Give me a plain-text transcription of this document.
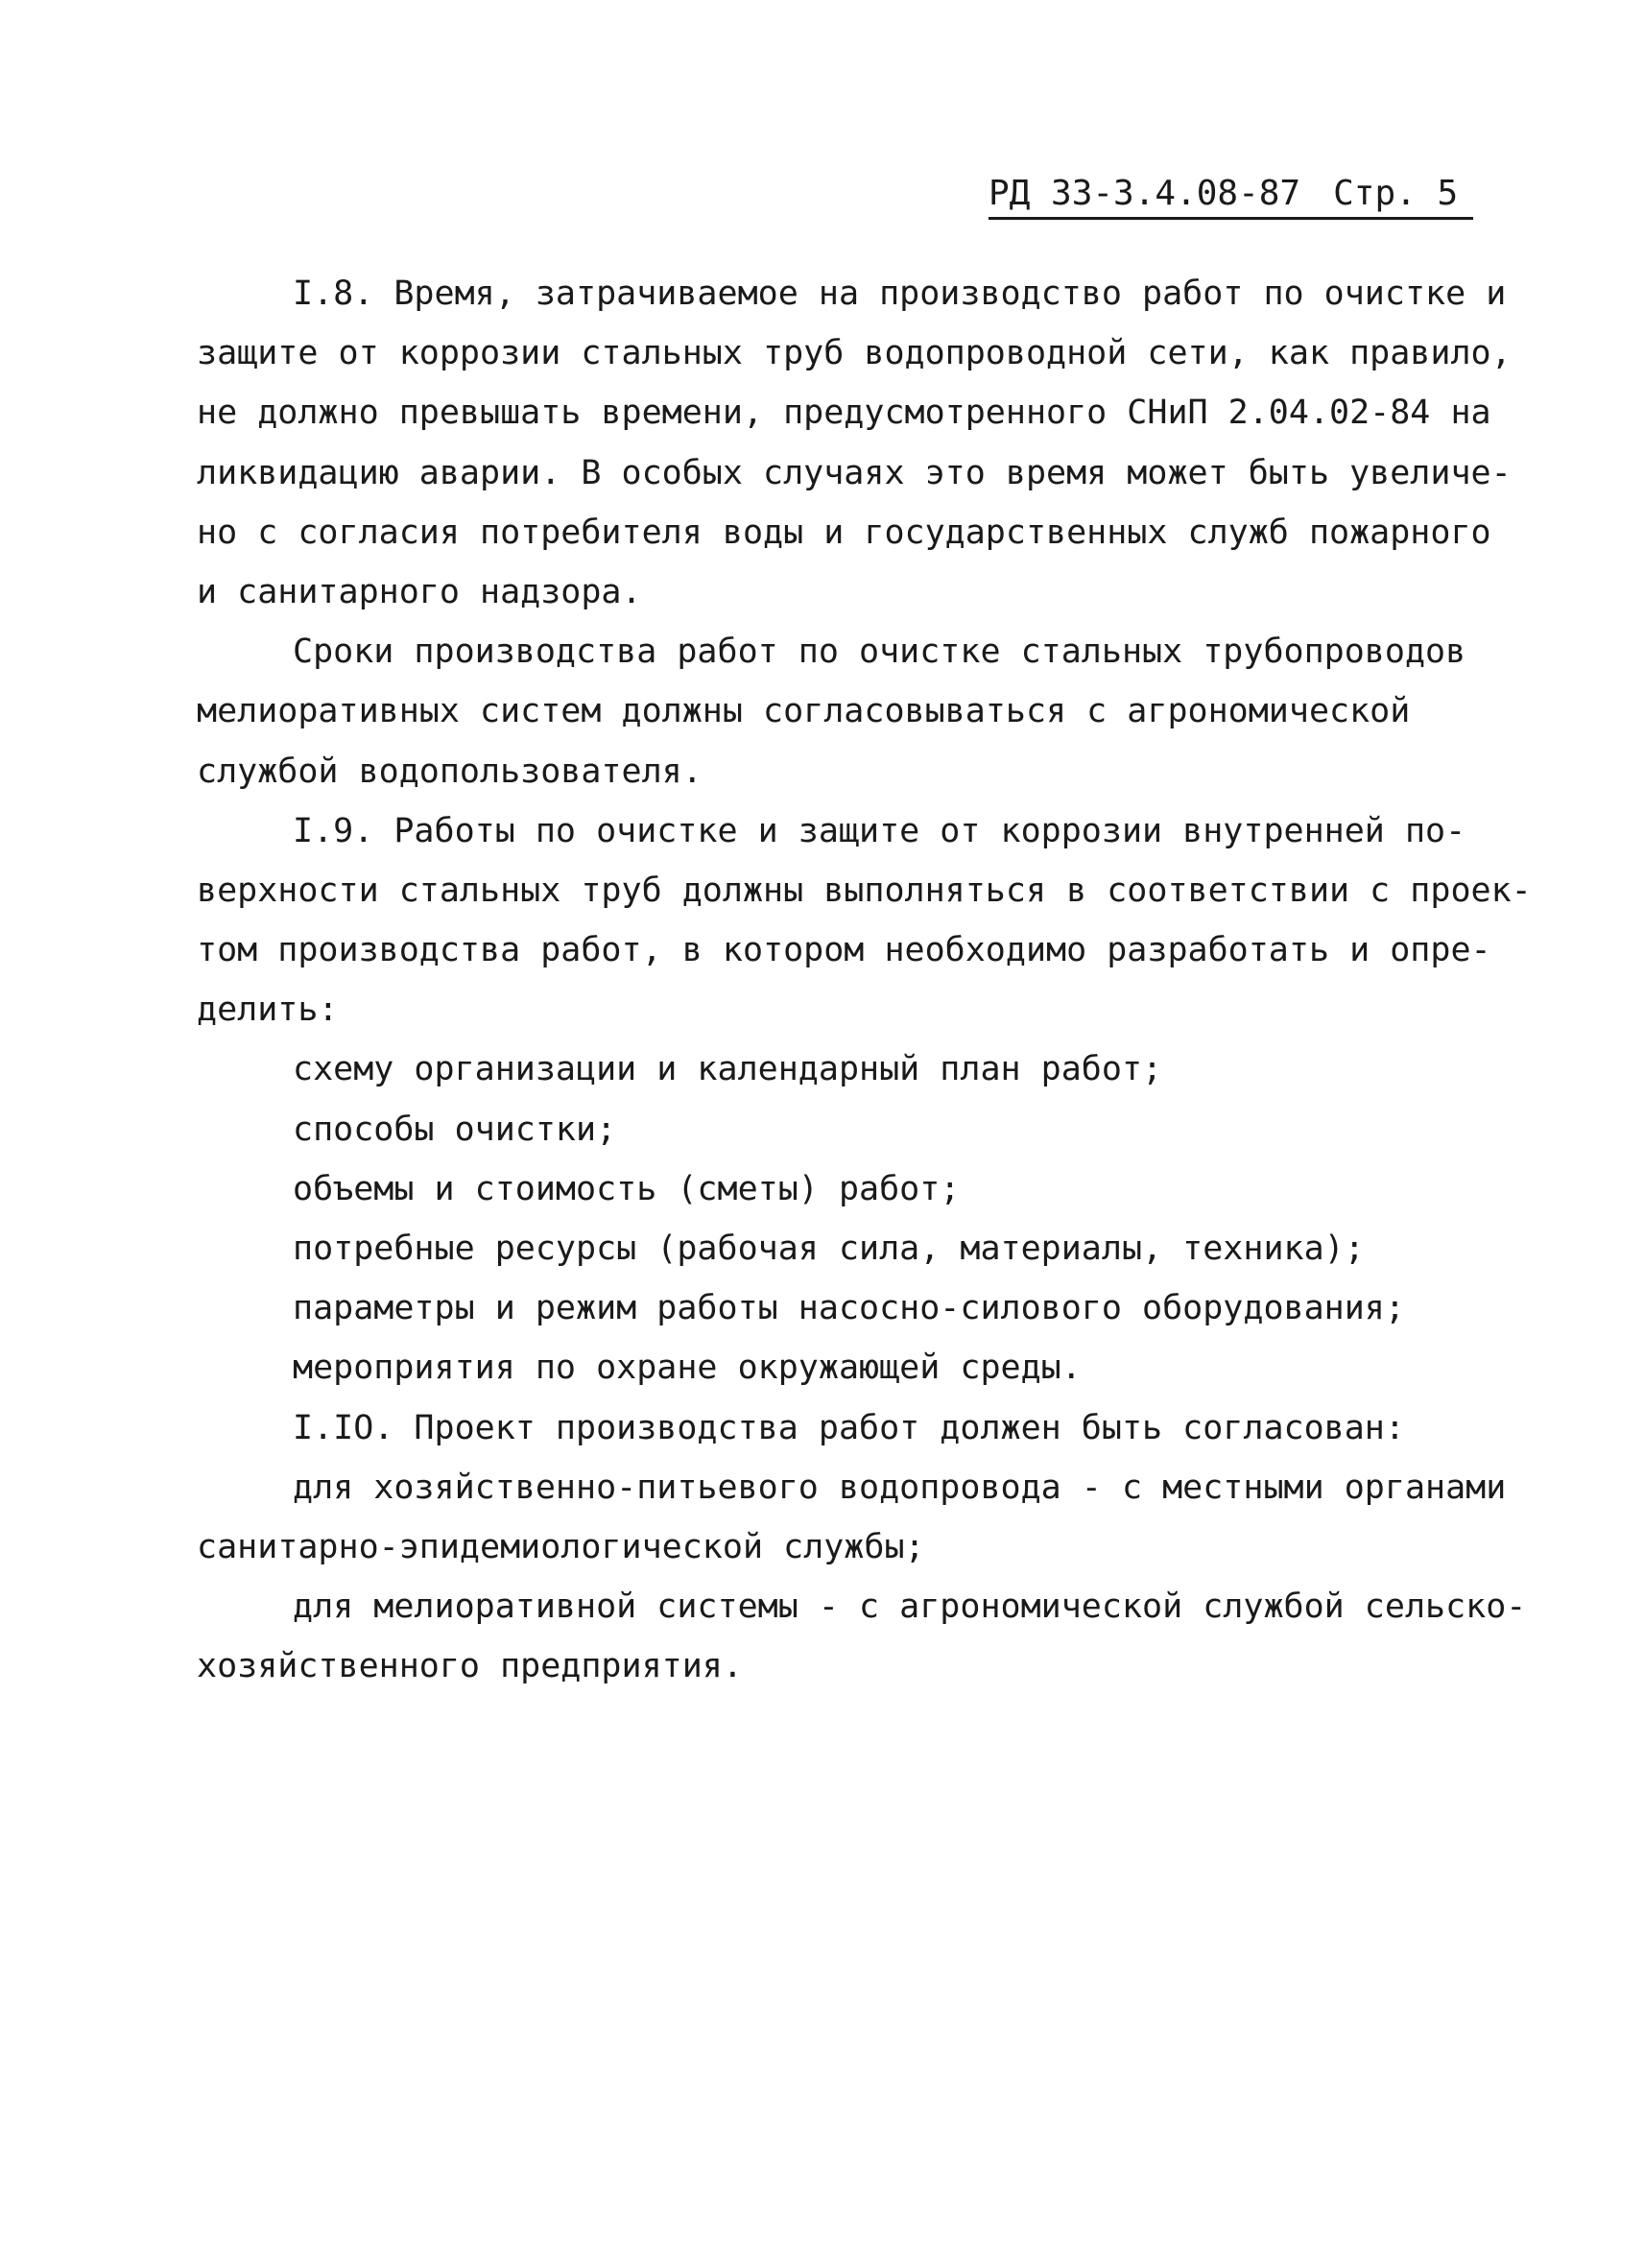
РД 33-3.4.08-87 Стр. 5
I.8. Время, затрачиваемое на производство работ по очистке и
защите от коррозии стальных труб водопроводной сети, как правило,
не должно превышать времени, предусмотренного СНиП 2.04.02-84 на
ликвидацию аварии. В особых случаях это время может быть увеличе-
но с согласия потребителя воды и государственных служб пожарного
и санитарного надзора.
Сроки производства работ по очистке стальных трубопроводов
мелиоративных систем должны согласовываться с агрономической
службой водопользователя.
I.9. Работы по очистке и защите от коррозии внутренней по-
верхности стальных труб должны выполняться в соответствии с проек-
том производства работ, в котором необходимо разработать и опре-
делить:
схему организации и календарный план работ;
способы очистки;
объемы и стоимость (сметы) работ;
потребные ресурсы (рабочая сила, материалы, техника);
параметры и режим работы насосно-силового оборудования;
мероприятия по охране окружающей среды.
I.IO. Проект производства работ должен быть согласован:
для хозяйственно-питьевого водопровода - с местными органами
санитарно-эпидемиологической службы;
для мелиоративной системы - с агрономической службой сельско-
хозяйственного предприятия.
